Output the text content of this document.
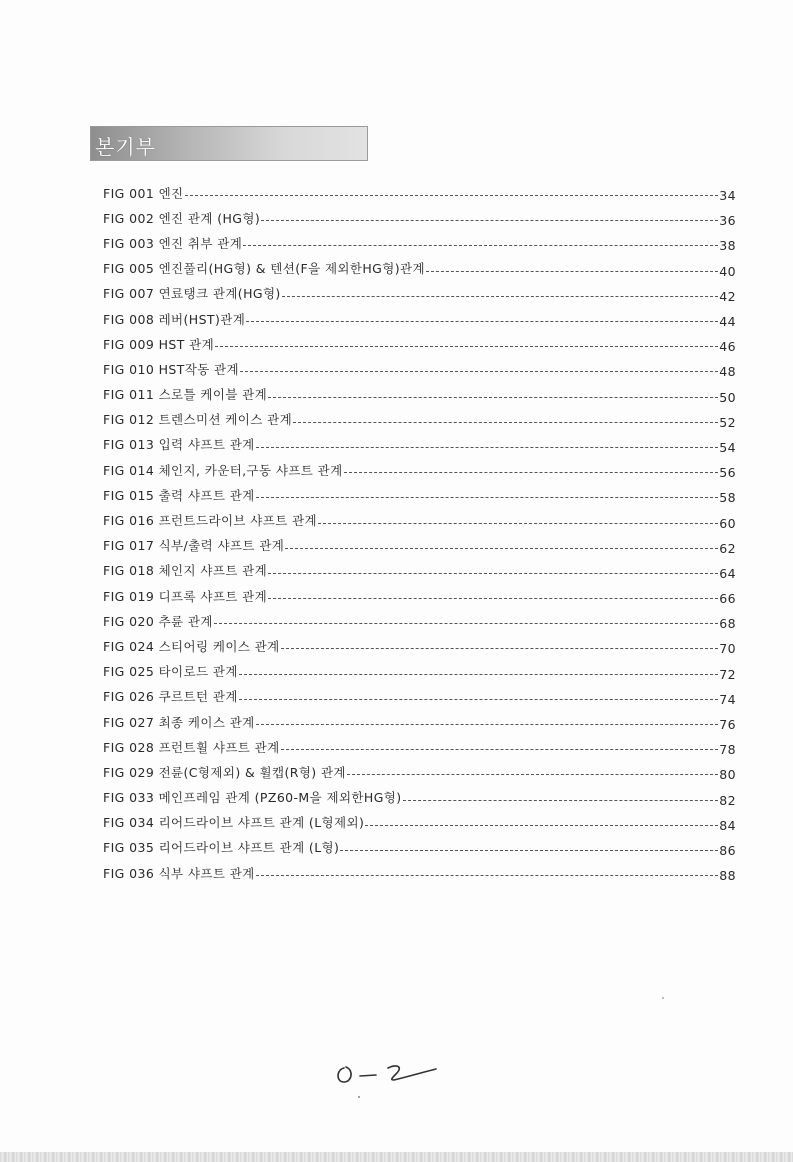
본기부
FIG 001 엔진	34
FIG 002 엔진 관계 (HG형)	36
FIG 003 엔진 취부 관계	38
FIG 005 엔진풀리(HG형) & 텐션(F을 제외한HG형)관계	40
FIG 007 연료탱크 관계(HG형)	42
FIG 008 레버(HST)관계	44
FIG 009 HST 관계	46
FIG 010 HST작동 관계	48
FIG 011 스로틀 케이블 관계	50
FIG 012 트렌스미션 케이스 관계	52
FIG 013 입력 샤프트 관계	54
FIG 014 체인지, 카운터,구동 샤프트 관계	56
FIG 015 출력 샤프트 관계	58
FIG 016 프런트드라이브 샤프트 관계	60
FIG 017 식부/출력 샤프트 관계	62
FIG 018 체인지 샤프트 관계	64
FIG 019 디프록 샤프트 관계	66
FIG 020 추륜 관계	68
FIG 024 스티어링 케이스 관계	70
FIG 025 타이로드 관계	72
FIG 026 쿠르트턴 관계	74
FIG 027 최종 케이스 관계	76
FIG 028 프런트휠 샤프트 관계	78
FIG 029 전륜(C형제외) & 휠캡(R형) 관계	80
FIG 033 메인프레임 관계 (PZ60-M을 제외한HG형)	82
FIG 034 리어드라이브 샤프트 관계 (L형제외)	84
FIG 035 리어드라이브 샤프트 관계 (L형)	86
FIG 036 식부 샤프트 관계	88
